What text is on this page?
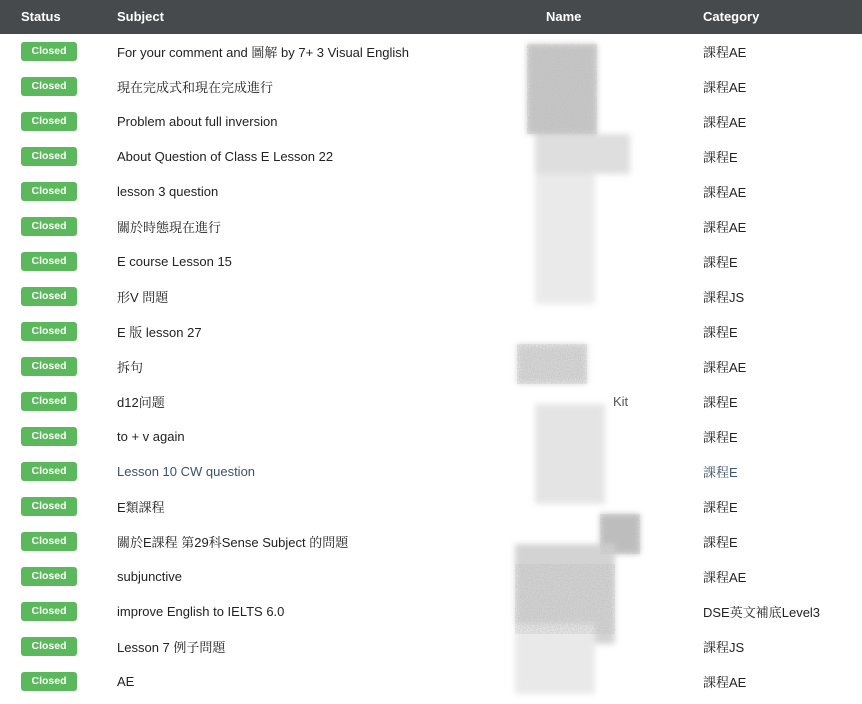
Status	Subject	Name	Category
Closed	For your comment and 圖解 by 7+ 3 Visual English		課程AE
Closed	現在完成式和現在完成進行		課程AE
Closed	Problem about full inversion		課程AE
Closed	About Question of Class E Lesson 22		課程E
Closed	lesson 3 question		課程AE
Closed	關於時態現在進行		課程AE
Closed	E course Lesson 15		課程E
Closed	形V 問題		課程JS
Closed	E 版 lesson 27		課程E
Closed	拆句		課程AE
Closed	d12问题	Kit	課程E
Closed	to + v again		課程E
Closed	Lesson 10 CW question		課程E
Closed	E類課程		課程E
Closed	關於E課程 第29科Sense Subject 的問題		課程E
Closed	subjunctive		課程AE
Closed	improve English to IELTS 6.0		DSE英文補底Level3
Closed	Lesson 7 例子問題		課程JS
Closed	AE		課程AE
